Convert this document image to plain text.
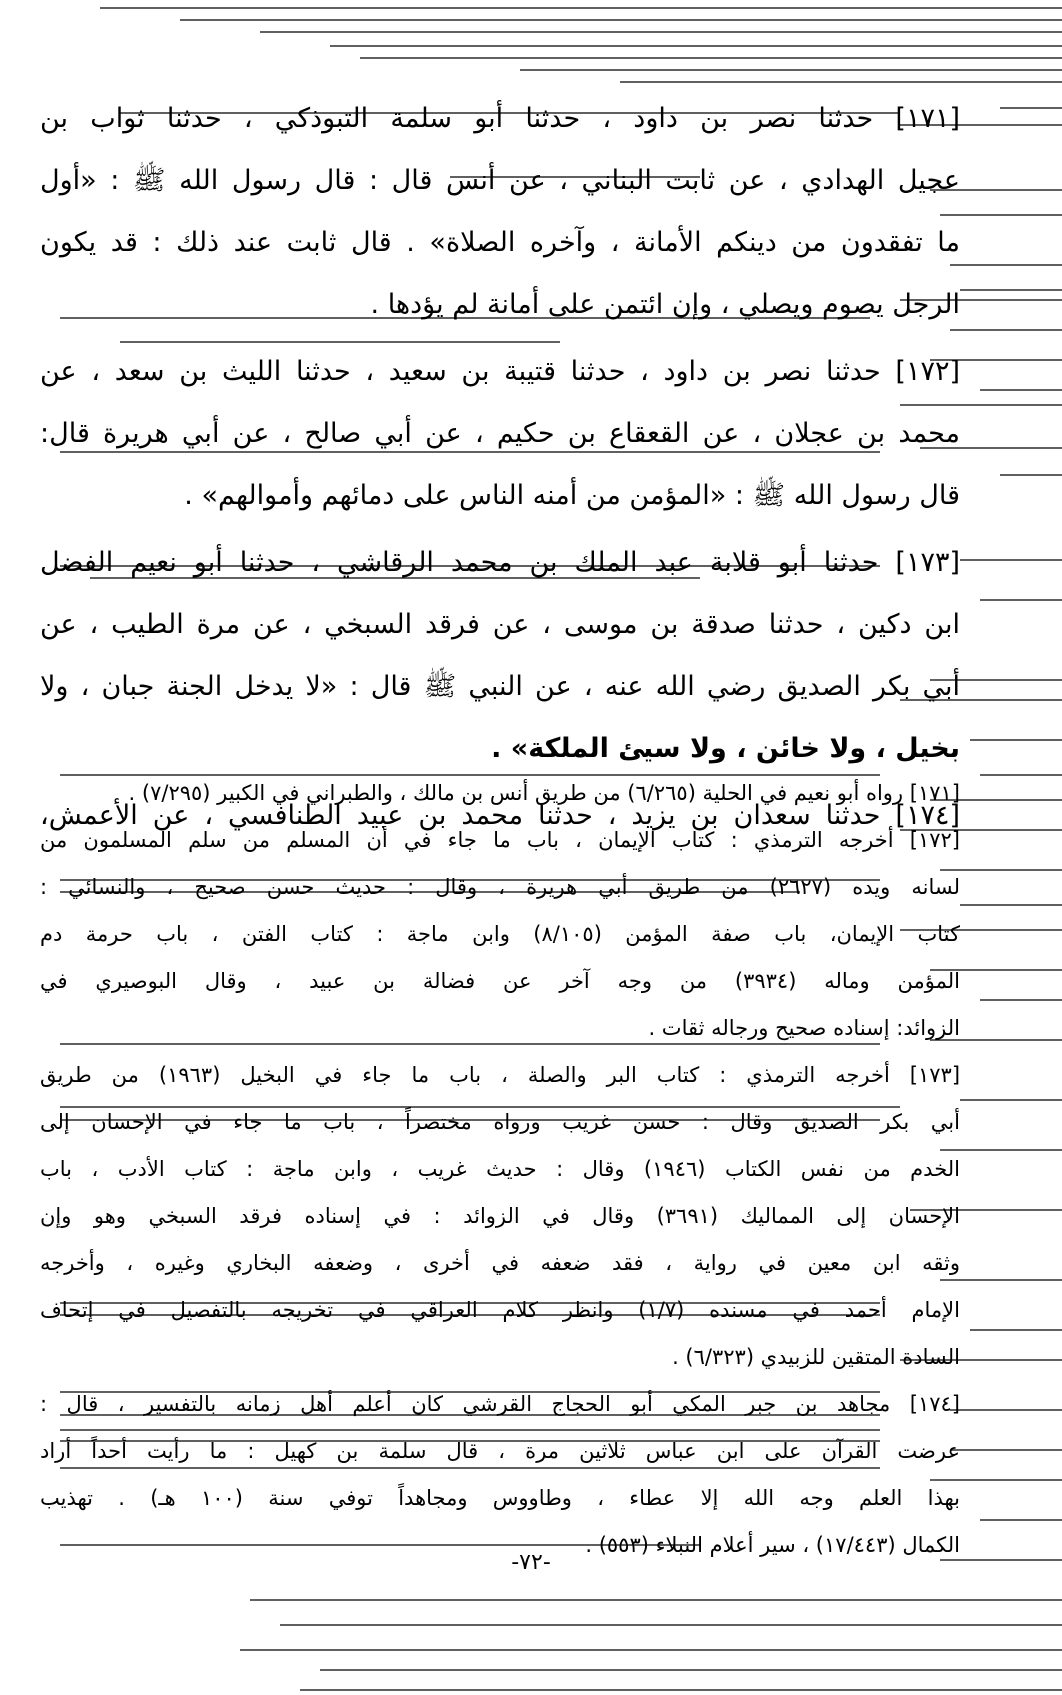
[١٧١] حدثنا نصر بن داود ، حدثنا أبو سلمة التبوذكي ، حدثنا ثواب بن
عجيل الهدادي ، عن ثابت البناني ، عن أنس قال : قال رسول الله ﷺ : «أول
ما تفقدون من دينكم الأمانة ، وآخره الصلاة» . قال ثابت عند ذلك : قد يكون
الرجل يصوم ويصلي ، وإن ائتمن على أمانة لم يؤدها .
[١٧٢] حدثنا نصر بن داود ، حدثنا قتيبة بن سعيد ، حدثنا الليث بن سعد ، عن
محمد بن عجلان ، عن القعقاع بن حكيم ، عن أبي صالح ، عن أبي هريرة قال:
قال رسول الله ﷺ : «المؤمن من أمنه الناس على دمائهم وأموالهم» .
[١٧٣] حدثنا أبو قلابة عبد الملك بن محمد الرقاشي ، حدثنا أبو نعيم الفضل
ابن دكين ، حدثنا صدقة بن موسى ، عن فرقد السبخي ، عن مرة الطيب ، عن
أبي بكر الصديق رضي الله عنه ، عن النبي ﷺ قال : «لا يدخل الجنة جبان ، ولا
بخيل ، ولا خائن ، ولا سيئ الملكة» .
[١٧٤] حدثنا سعدان بن يزيد ، حدثنا محمد بن عبيد الطنافسي ، عن الأعمش،
[١٧١] رواه أبو نعيم في الحلية (٦/٢٦٥) من طريق أنس بن مالك ، والطبراني في الكبير (٧/٢٩٥) .
[١٧٢] أخرجه الترمذي : كتاب الإيمان ، باب ما جاء في أن المسلم من سلم المسلمون من
لسانه ويده (٢٦٢٧) من طريق أبي هريرة ، وقال : حديث حسن صحيح ، والنسائي :
كتاب الإيمان، باب صفة المؤمن (٨/١٠٥) وابن ماجة : كتاب الفتن ، باب حرمة دم
المؤمن وماله (٣٩٣٤) من وجه آخر عن فضالة بن عبيد ، وقال البوصيري في
الزوائد: إسناده صحيح ورجاله ثقات .
[١٧٣] أخرجه الترمذي : كتاب البر والصلة ، باب ما جاء في البخيل (١٩٦٣) من طريق
أبي بكر الصديق وقال : حسن غريب ورواه مختصراً ، باب ما جاء في الإحسان إلى
الخدم من نفس الكتاب (١٩٤٦) وقال : حديث غريب ، وابن ماجة : كتاب الأدب ، باب
الإحسان إلى المماليك (٣٦٩١) وقال في الزوائد : في إسناده فرقد السبخي وهو وإن
وثقه ابن معين في رواية ، فقد ضعفه في أخرى ، وضعفه البخاري وغيره ، وأخرجه
الإمام أحمد في مسنده (١/٧) وانظر كلام العراقي في تخريجه بالتفصيل في إتحاف
السادة المتقين للزبيدي (٦/٣٢٣) .
[١٧٤] مجاهد بن جبر المكي أبو الحجاج القرشي كان أعلم أهل زمانه بالتفسير ، قال :
عرضت القرآن على ابن عباس ثلاثين مرة ، قال سلمة بن كهيل : ما رأيت أحداً أراد
بهذا العلم وجه الله إلا عطاء ، وطاووس ومجاهداً توفي سنة (١٠٠ هـ) . تهذيب
الكمال (١٧/٤٤٣) ، سير أعلام النبلاء (٥٥٣) .
-٧٢-
